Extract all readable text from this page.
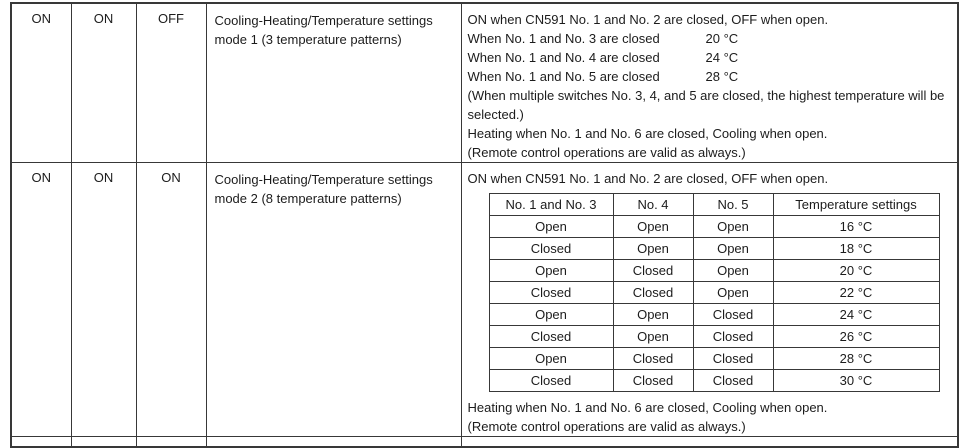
ON	ON	OFF	Cooling-Heating/Temperature settings mode 1 (3 temperature patterns)

ON when CN591 No. 1 and No. 2 are closed, OFF when open.
When No. 1 and No. 3 are closed	20 °C
When No. 1 and No. 4 are closed	24 °C
When No. 1 and No. 5 are closed	28 °C
(When multiple switches No. 3, 4, and 5 are closed, the highest temperature will be selected.)
Heating when No. 1 and No. 6 are closed, Cooling when open.
(Remote control operations are valid as always.)

ON	ON	ON	Cooling-Heating/Temperature settings mode 2 (8 temperature patterns)

ON when CN591 No. 1 and No. 2 are closed, OFF when open.
No. 1 and No. 3	No. 4	No. 5	Temperature settings
Open	Open	Open	16 °C
Closed	Open	Open	18 °C
Open	Closed	Open	20 °C
Closed	Closed	Open	22 °C
Open	Open	Closed	24 °C
Closed	Open	Closed	26 °C
Open	Closed	Closed	28 °C
Closed	Closed	Closed	30 °C
Heating when No. 1 and No. 6 are closed, Cooling when open.
(Remote control operations are valid as always.)
